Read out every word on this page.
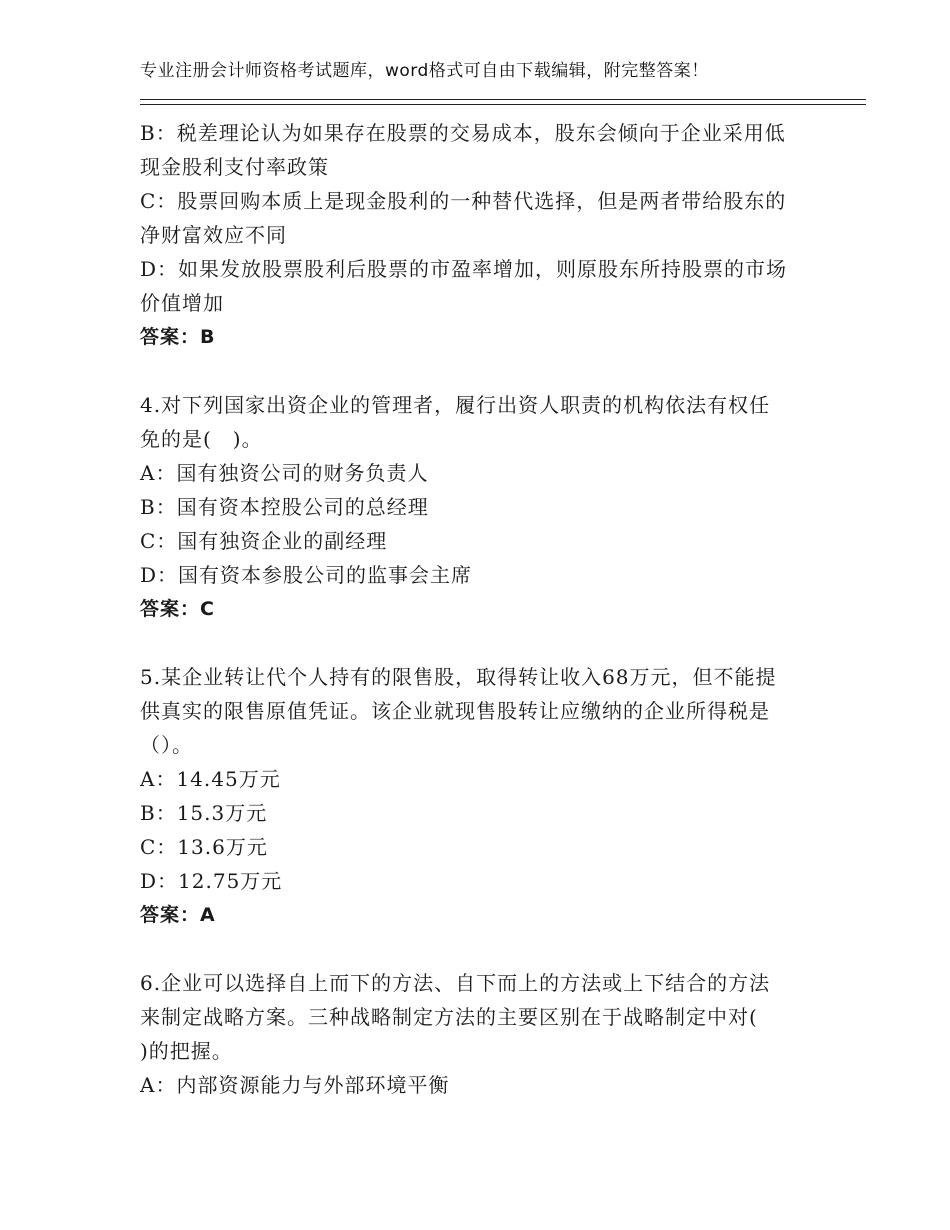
专业注册会计师资格考试题库，word格式可自由下载编辑，附完整答案！
B：税差理论认为如果存在股票的交易成本，股东会倾向于企业采用低
现金股利支付率政策
C：股票回购本质上是现金股利的一种替代选择，但是两者带给股东的
净财富效应不同
D：如果发放股票股利后股票的市盈率增加，则原股东所持股票的市场
价值增加
答案：B
4.对下列国家出资企业的管理者，履行出资人职责的机构依法有权任
免的是(　)。
A：国有独资公司的财务负责人
B：国有资本控股公司的总经理
C：国有独资企业的副经理
D：国有资本参股公司的监事会主席
答案：C
5.某企业转让代个人持有的限售股，取得转让收入68万元，但不能提
供真实的限售原值凭证。该企业就现售股转让应缴纳的企业所得税是
（）。
A：14.45万元
B：15.3万元
C：13.6万元
D：12.75万元
答案：A
6.企业可以选择自上而下的方法、自下而上的方法或上下结合的方法
来制定战略方案。三种战略制定方法的主要区别在于战略制定中对(
)的把握。
A：内部资源能力与外部环境平衡
